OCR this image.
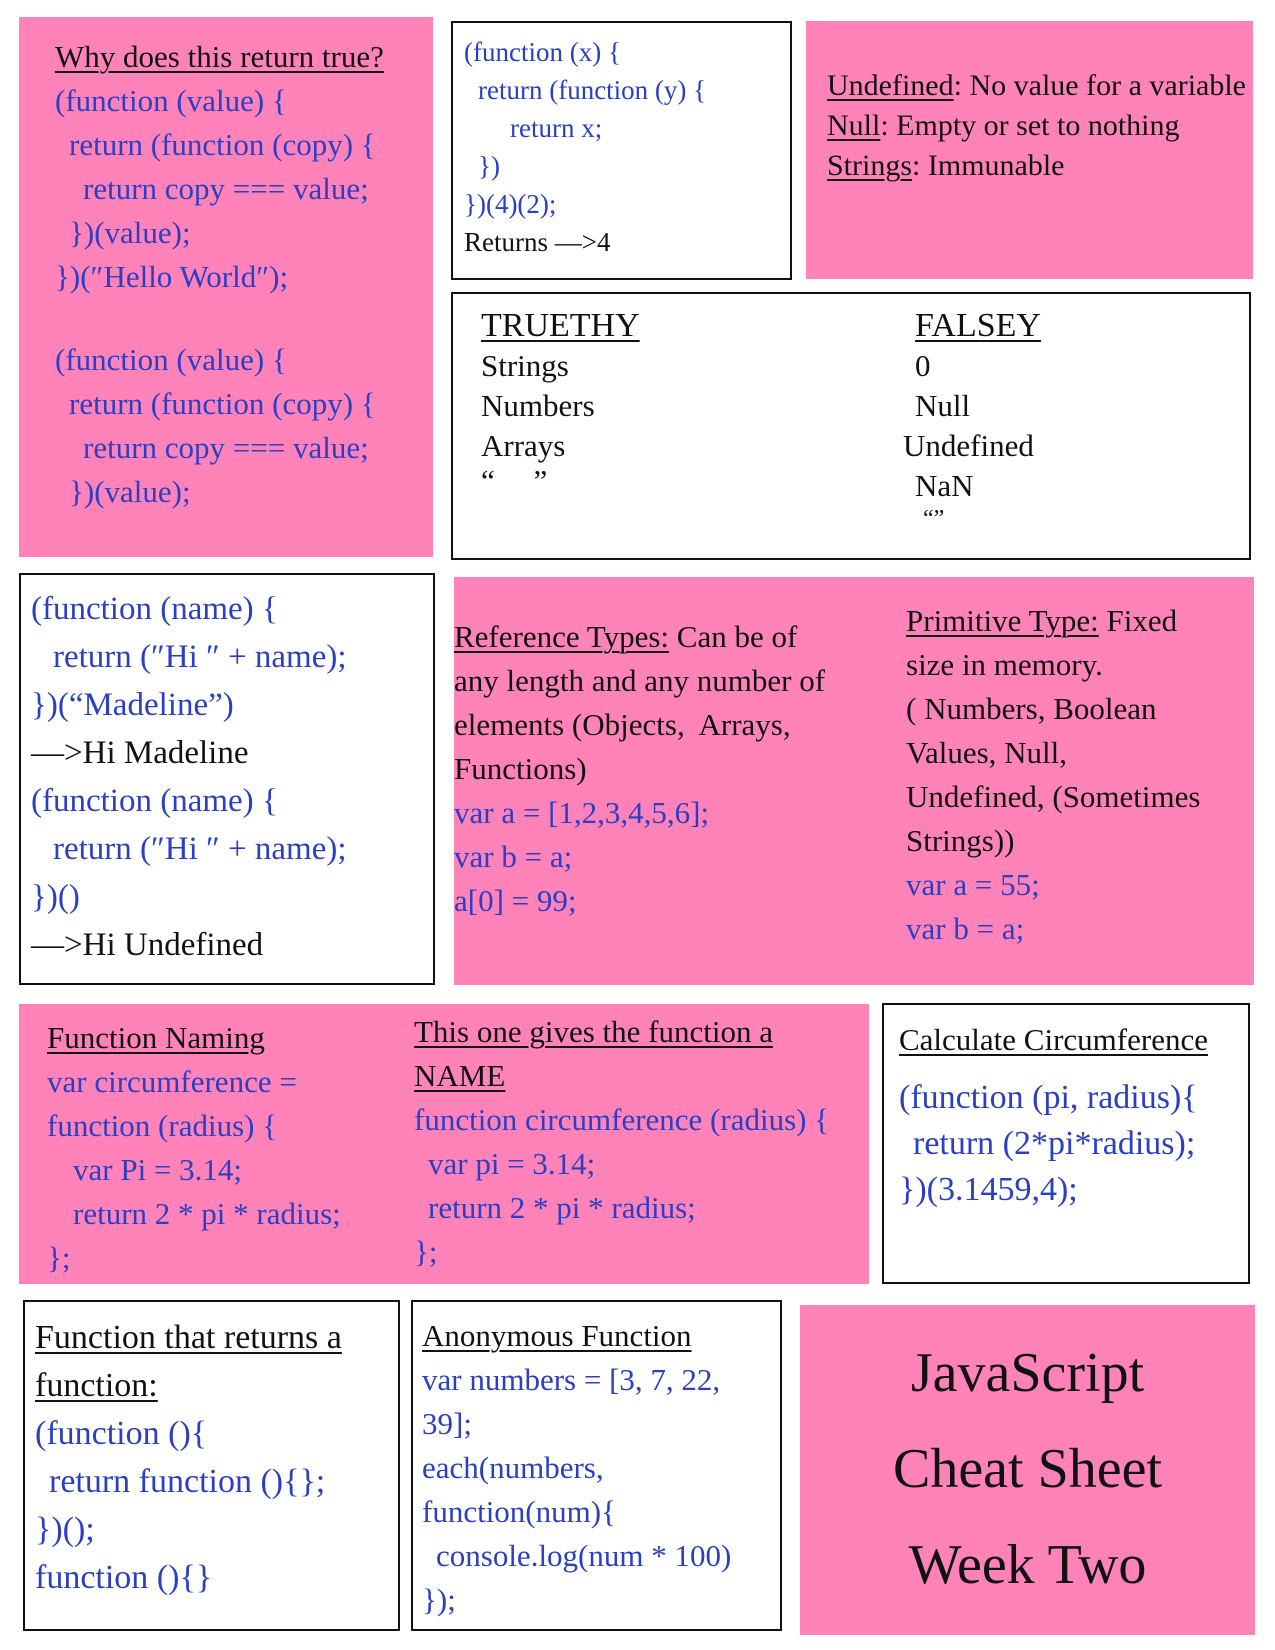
Why does this return true?
(function (value) {
return (function (copy) {
return copy === value;
})(value);
})(″Hello World″);
(function (value) {
return (function (copy) {
return copy === value;
})(value);
(function (x) {
return (function (y) {
return x;
})
})(4)(2);
Returns —>4
Undefined: No value for a variable
Null: Empty or set to nothing
Strings: Immunable
TRUETHY
Strings
Numbers
Arrays
“     ”
FALSEY
0
Null
Undefined
NaN
“”
(function (name) {
return (″Hi ″ + name);
})(“Madeline”)
—>Hi Madeline
(function (name) {
return (″Hi ″ + name);
})()
—>Hi Undefined
Reference Types: Can be of
any length and any number of
elements (Objects,  Arrays,
Functions)
var a = [1,2,3,4,5,6];
var b = a;
a[0] = 99;
Primitive Type: Fixed
size in memory.
( Numbers, Boolean
Values, Null,
Undefined, (Sometimes
Strings))
var a = 55;
var b = a;
Function Naming
var circumference =
function (radius) {
var Pi = 3.14;
return 2 * pi * radius;
};
This one gives the function a
NAME
function circumference (radius) {
var pi = 3.14;
return 2 * pi * radius;
};
Calculate Circumference
(function (pi, radius){
return (2*pi*radius);
})(3.1459,4);
Function that returns a
function:
(function (){
return function (){};
})();
function (){}
Anonymous Function
var numbers = [3, 7, 22,
39];
each(numbers,
function(num){
console.log(num * 100)
});
JavaScript
Cheat Sheet
Week Two
